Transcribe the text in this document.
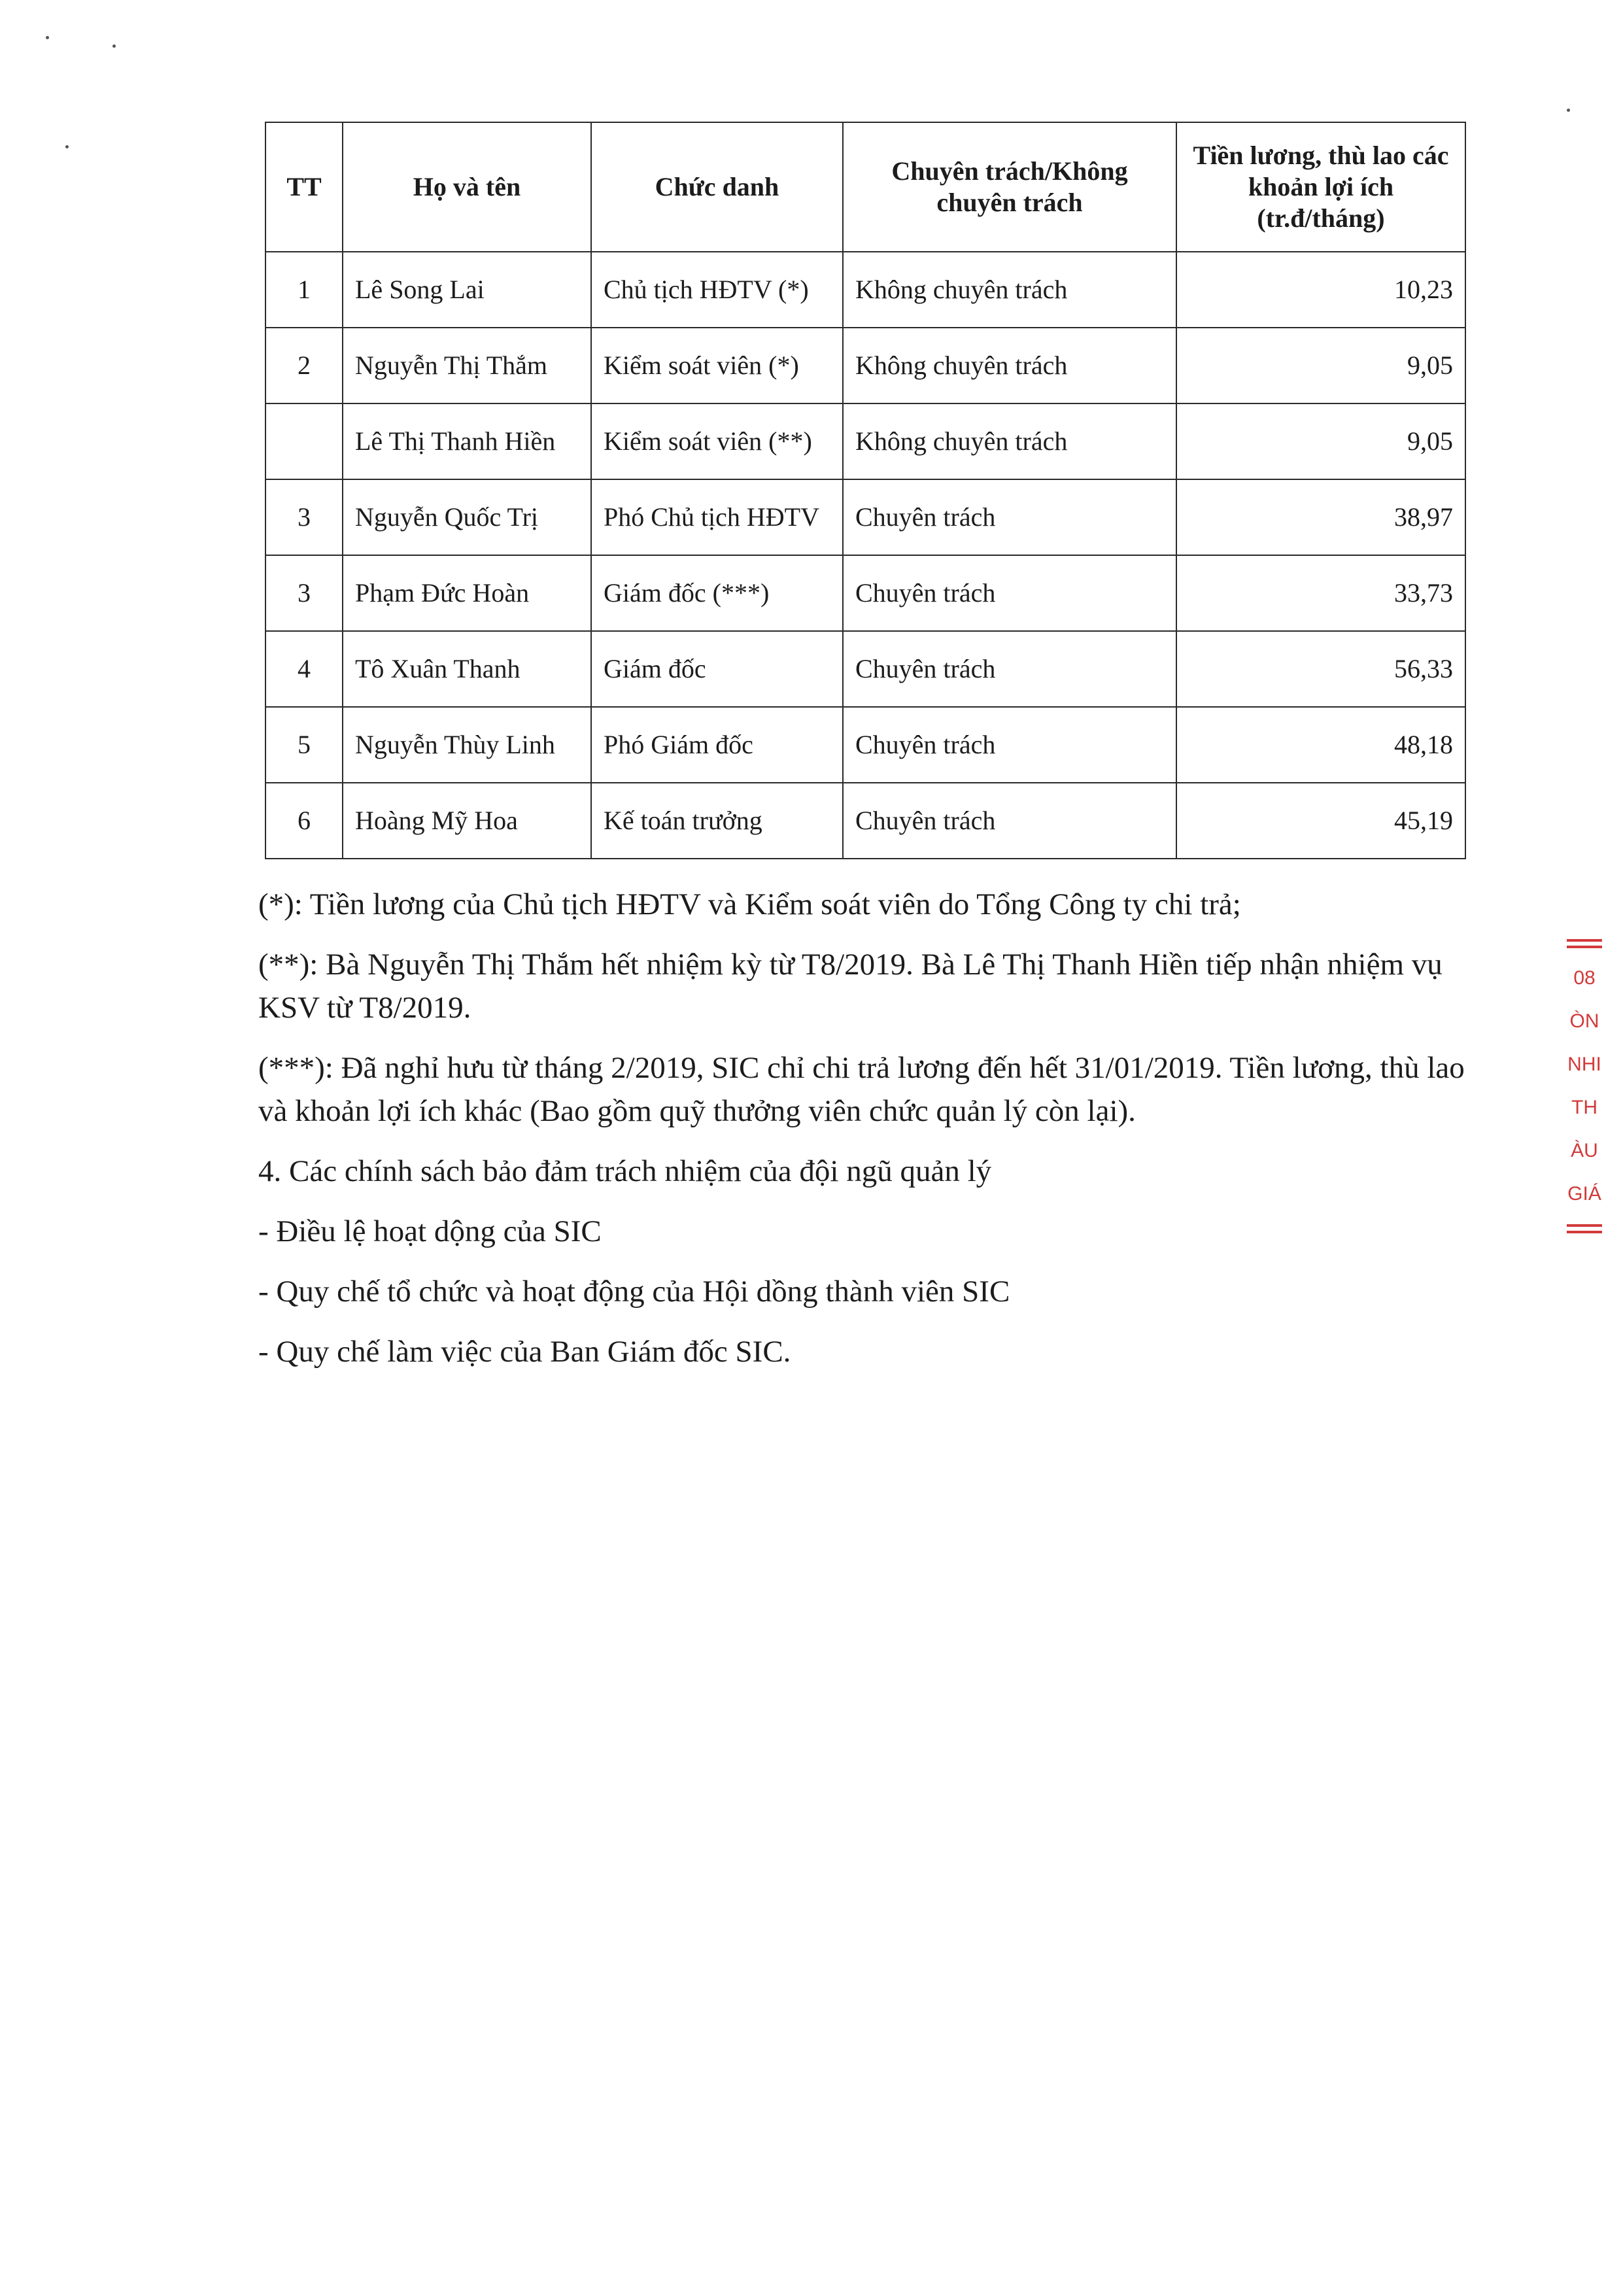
TT	Họ và tên	Chức danh	Chuyên trách/Không chuyên trách	Tiền lương, thù lao các khoản lợi ích (tr.đ/tháng)
1	Lê Song Lai	Chủ tịch HĐTV (*)	Không chuyên trách	10,23
2	Nguyễn Thị Thắm	Kiểm soát viên (*)	Không chuyên trách	9,05
	Lê Thị Thanh Hiền	Kiểm soát viên (**)	Không chuyên trách	9,05
3	Nguyễn Quốc Trị	Phó Chủ tịch HĐTV	Chuyên trách	38,97
3	Phạm Đức Hoàn	Giám đốc (***)	Chuyên trách	33,73
4	Tô Xuân Thanh	Giám đốc	Chuyên trách	56,33
5	Nguyễn Thùy Linh	Phó Giám đốc	Chuyên trách	48,18
6	Hoàng Mỹ Hoa	Kế toán trưởng	Chuyên trách	45,19

(*): Tiền lương của Chủ tịch HĐTV và Kiểm soát viên do Tổng Công ty chi trả;

(**): Bà Nguyễn Thị Thắm hết nhiệm kỳ từ T8/2019. Bà Lê Thị Thanh Hiền tiếp nhận nhiệm vụ KSV từ T8/2019.

(***): Đã nghỉ hưu từ tháng 2/2019, SIC chỉ chi trả lương đến hết 31/01/2019. Tiền lương, thù lao và khoản lợi ích khác (Bao gồm quỹ thưởng viên chức quản lý còn lại).

4. Các chính sách bảo đảm trách nhiệm của đội ngũ quản lý

- Điều lệ hoạt dộng của SIC

- Quy chế tổ chức và hoạt động của Hội dồng thành viên SIC

- Quy chế làm việc của Ban Giám đốc SIC.

08
ÒN
NHI
TH
ÀU
GIÁ
